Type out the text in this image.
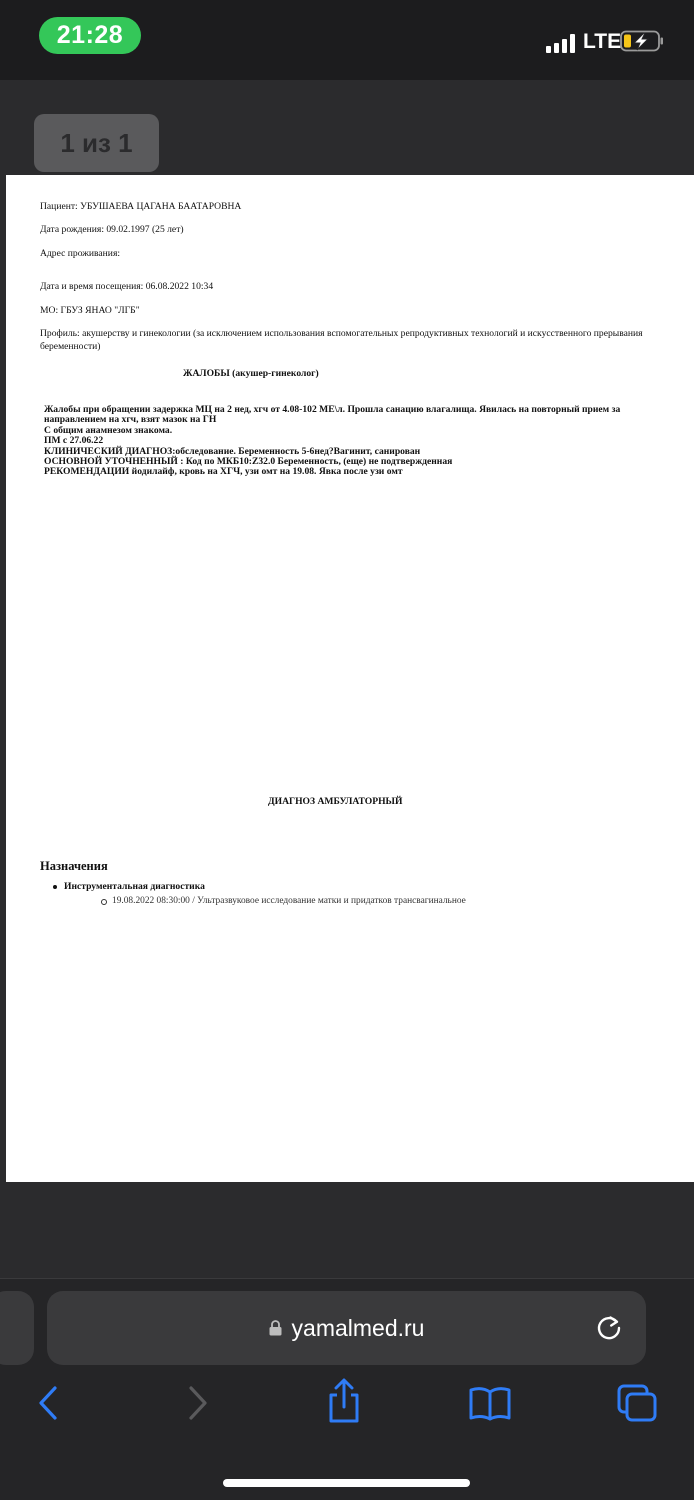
21:28	LTE
1 из 1
Пациент: УБУШАЕВА ЦАГАНА БААТАРОВНА
Дата рождения: 09.02.1997 (25 лет)
Адрес проживания:
Дата и время посещения: 06.08.2022 10:34
МО: ГБУЗ ЯНАО "ЛГБ"
Профиль: акушерству и гинекологии (за исключением использования вспомогательных репродуктивных технологий и искусственного прерывания беременности)
ЖАЛОБЫ (акушер-гинеколог)

Жалобы при обращении задержка МЦ на 2 нед, хгч от 4.08-102 МЕ\л. Прошла санацию влагалища. Явилась на повторный прием за направлением на хгч, взят мазок на ГН

С общим анамнезом знакома.

ПМ с 27.06.22

КЛИНИЧЕСКИЙ ДИАГНОЗ:обследование. Беременность 5-6нед?Вагинит, санирован

ОСНОВНОЙ УТОЧНЕННЫЙ : Код по МКБ10:Z32.0 Беременность, (еще) не подтвержденная

РЕКОМЕНДАЦИИ йодилайф, кровь на ХГЧ, узи омт на 19.08. Явка после узи омт

ДИАГНОЗ АМБУЛАТОРНЫЙ
Назначения
Инструментальная диагностика
19.08.2022 08:30:00 / Ультразвуковое исследование матки и придатков трансвагинальное
yamalmed.ru
